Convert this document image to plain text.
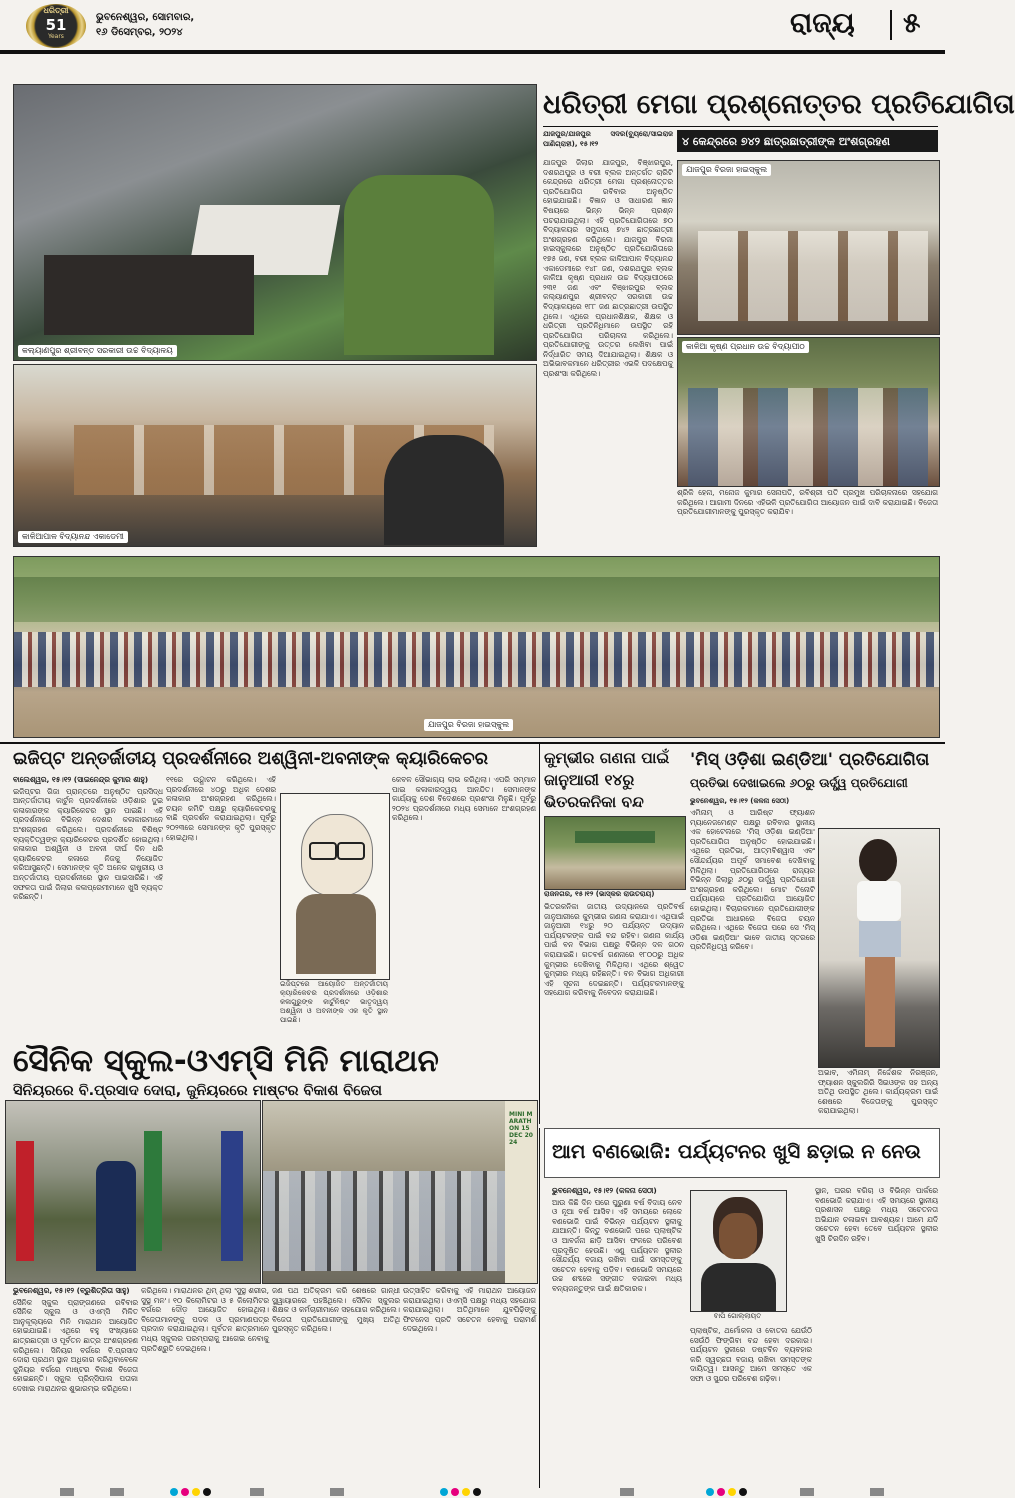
ଧରିତ୍ରୀ
51
Years
ଭୁବନେଶ୍ୱର, ସୋମବାର,
୧୬ ଡିସେମ୍ବର, ୨୦୨୪	ରାଜ୍ୟ ୫
କଲ୍ୟାଣପୁର ଶ୍ରୀବନ୍ତ ସରକାରୀ ଉଚ୍ଚ ବିଦ୍ୟାଳୟ
ଧରିତ୍ରୀ ମେଗା ପ୍ରଶ୍ନୋତ୍ତର ପ୍ରତିଯୋଗିତା
ଯାଜପୁର/ଯାଜପୁର ସଦର(ବ୍ୟୁରୋ/ସାଇରାଜ ପାଣିଗ୍ରାହୀ), ୧୫।୧୨	୪ କେନ୍ଦ୍ରରେ ୭୪୨ ଛାତ୍ରଛାତ୍ରୀଙ୍କ ଅଂଶଗ୍ରହଣ
ଯାଜପୁର ଜିଲାର ଯାଜପୁର, ବିଞ୍ଝାରପୁର, ଦଶରଥପୁର ଓ ବରୀ ବ୍ଲକ ଅନ୍ତର୍ଗତ ଚାରିଟି କେନ୍ଦ୍ରରେ ଧରିତ୍ରୀ ମେଗା ପ୍ରଶ୍ନୋତ୍ତର ପ୍ରତିଯୋଗିତା ରବିବାର ଅନୁଷ୍ଠିତ ହୋଇଯାଇଛି। ବିଜ୍ଞାନ ଓ ସାଧାରଣ ଜ୍ଞାନ ବିଷୟରେ ଭିନ୍ନ ଭିନ୍ନ ପ୍ରଶ୍ନ ପଚରାଯାଇଥିଲା। ଏହି ପ୍ରତିଯୋଗିତାରେ ୭୦ ବିଦ୍ୟାଳୟର ସମୁଦାୟ ୭୪୨ ଛାତ୍ରଛାତ୍ରୀ ଅଂଶଗ୍ରହଣ କରିଥିଲେ। ଯାଜପୁର ବିରଜା ହାଇସ୍କୁଲରେ ଅନୁଷ୍ଠିତ ପ୍ରତିଯୋଗିତାରେ ୧୭୫ ଜଣ, ବରୀ ବ୍ଲକ କାଳିଆପାଳ ବିଦ୍ୟାନନ୍ଦ ଏକାଡେମୀରେ ୧୪୮ ଜଣ, ଦଶରଥପୁର ବ୍ଲକ କାଳିଆ କୃଷ୍ଣ ପ୍ରଧାନ ଉଚ୍ଚ ବିଦ୍ୟାପୀଠରେ ୨୩୧ ଜଣ ଏବଂ ବିଞ୍ଝାରପୁର ବ୍ଲକ କଲ୍ୟାଣପୁର ଶ୍ରୀବନ୍ତ ସରକାରୀ ଉଚ୍ଚ ବିଦ୍ୟାଳୟରେ ୧୮୮ ଜଣ ଛାତ୍ରଛାତ୍ରୀ ଉପସ୍ଥିତ ଥିଲେ। ଏଥିରେ ପ୍ରଧାନଶିକ୍ଷକ, ଶିକ୍ଷକ ଓ ଧରିତ୍ରୀ ପ୍ରତିନିଧିମାନେ ଉପସ୍ଥିତ ରହି ପ୍ରତିଯୋଗିତା ପରିଚାଳନା କରିଥିଲେ। ପ୍ରତିଯୋଗୀଙ୍କୁ ଉତ୍ତର ଲେଖିବା ପାଇଁ ନିର୍ଦ୍ଧାରିତ ସମୟ ଦିଆଯାଇଥିଲା। ଶିକ୍ଷକ ଓ ଅଭିଭାବକମାନେ ଧରିତ୍ରୀର ଏଭଳି ପଦକ୍ଷେପକୁ ପ୍ରଶଂସା କରିଥିଲେ।
ଯାଜପୁର ବିରଜା ହାଇସ୍କୁଲ
କାଳିଆପାଳ ବିଦ୍ୟାନନ୍ଦ ଏକାଡେମୀ
କାଳିଆ କୃଷ୍ଣ ପ୍ରଧାନ ଉଚ୍ଚ ବିଦ୍ୟାପୀଠ
ଶ୍ରିକି ହେନା, ମନୋଜ କୁମାର ସେନାପତି, ରବିଶ୍ରୀ ପତି ପ୍ରମୁଖ ପରିଚାଳନାରେ ସହଯୋଗ କରିଥିଲେ। ଆଗାମୀ ଦିନରେ ଏହିଭଳି ପ୍ରତିଯୋଗିତା ଆୟୋଜନ ପାଇଁ ଦାବି କରାଯାଇଛି। ବିଜେତା ପ୍ରତିଯୋଗୀମାନଙ୍କୁ ପୁରସ୍କୃତ କରାଯିବ।
ଯାଜପୁର ବିରଜା ହାଇସ୍କୁଲ
ଇଜିପ୍ଟ ଅନ୍ତର୍ଜାତୀୟ ପ୍ରଦର୍ଶନୀରେ ଅଶ୍ୱିନୀ-ଅବନୀଙ୍କ କ୍ୟାରିକେଚର

ବାଲେଶ୍ୱର, ୧୫।୧୨ (ସାଇନେନ୍ଦ୍ର କୁମାର ଶାହୁ)

ଇଜିପ୍ଟର ଗିଜା ପ୍ରାନ୍ତରେ ଅନୁଷ୍ଠିତ ପ୍ରସିଦ୍ଧ ଆନ୍ତର୍ଜାତୀୟ କାର୍ଟୁନ ପ୍ରଦର୍ଶନୀରେ ଓଡ଼ିଶାର ଦୁଇ କଳାକାରଙ୍କ କ୍ୟାରିକେଚର ସ୍ଥାନ ପାଇଛି। ଏହି ପ୍ରଦର୍ଶନୀରେ ବିଭିନ୍ନ ଦେଶର କଳାକାରମାନେ ଅଂଶଗ୍ରହଣ କରିଥିଲେ। ପ୍ରଦର୍ଶନୀରେ ବିଶିଷ୍ଟ ବ୍ୟକ୍ତିତ୍ୱଙ୍କ କ୍ୟାରିକେଚର ପ୍ରଦର୍ଶିତ ହୋଇଥିଲା। କଳାକାର ଅଶ୍ୱିନୀ ଓ ଅବନୀ ଦୀର୍ଘ ଦିନ ଧରି କ୍ୟାରିକେଚର କଳାରେ ନିଜକୁ ନିୟୋଜିତ କରିଆସୁଛନ୍ତି। ସେମାନଙ୍କ କୃତି ଅନେକ ରାଷ୍ଟ୍ରୀୟ ଓ ଅନ୍ତର୍ଜାତୀୟ ପ୍ରଦର୍ଶନୀରେ ସ୍ଥାନ ପାଇସାରିଛି। ଏହି ସଫଳତା ପାଇଁ ଜିଲାର କଳାପ୍ରେମୀମାନେ ଖୁସି ବ୍ୟକ୍ତ କରିଛନ୍ତି।

୧୧ରେ ଉଦ୍ଘାଟନ କରିଥିଲେ। ଏହି ପ୍ରଦର୍ଶନୀରେ ୪୦ରୁ ଅଧିକ ଦେଶର କଳାକାର ଅଂଶଗ୍ରହଣ କରିଥିଲେ। ଚୟନ କମିଟି ପକ୍ଷରୁ କ୍ୟାରିକେଚରକୁ ବାଛି ପ୍ରଦର୍ଶନ କରାଯାଇଥିଲା। ପୂର୍ବରୁ ୨୦୨୩ରେ ସେମାନଙ୍କ କୃତି ପୁରସ୍କୃତ ହୋଇଥିଲା।
ଇଜିପ୍ଟରେ ଆୟୋଜିତ ଅନ୍ତର୍ଜାତୀୟ କ୍ୟାରିକେଚର ପ୍ରଦର୍ଶନୀରେ ଓଡ଼ିଶାର କଳାଗୁରୁଙ୍କ କାର୍ଟୁନିଷ୍ଟ ଭାତୃଦ୍ୱୟ ଅଶ୍ୱିନୀ ଓ ଅବନୀଙ୍କ ଏକ କୃତି ସ୍ଥାନ ପାଇଛି।
କେବଳ ସୌଭାଗ୍ୟ ଲାଭ କରିଥିଲା। ଏପରି ସମ୍ମାନ ପାଇ କଳାକାରଦ୍ୱୟ ଆନନ୍ଦିତ। ସେମାନଙ୍କ କାର୍ଯ୍ୟକୁ ଦେଶ ବିଦେଶରେ ପ୍ରଶଂସା ମିଳୁଛି। ପୂର୍ବରୁ ୨୦୨୪ ପ୍ରଦର୍ଶନୀରେ ମଧ୍ୟ ସେମାନେ ଅଂଶଗ୍ରହଣ କରିଥିଲେ।
କୁମ୍ଭୀର ଗଣନା ପାଇଁ
ଜାନୁଆରୀ ୧୪ରୁ
ଭିତରକନିକା ବନ୍ଦ
ରାଜନଗର, ୧୫।୧୨ (ଭାସ୍କର ରାଉତରାୟ)
ଭିତରକନିକା ଜାତୀୟ ଉଦ୍ୟାନରେ ପ୍ରତିବର୍ଷ ଜାନୁଆରୀରେ କୁମ୍ଭୀର ଗଣନା କରାଯାଏ। ଏଥିପାଇଁ ଜାନୁଆରୀ ୧୪ରୁ ୨୦ ପର୍ଯ୍ୟନ୍ତ ଉଦ୍ୟାନ ପର୍ଯ୍ୟଟକଙ୍କ ପାଇଁ ବନ୍ଦ ରହିବ। ଗଣନା କାର୍ଯ୍ୟ ପାଇଁ ବନ ବିଭାଗ ପକ୍ଷରୁ ବିଭିନ୍ନ ଦଳ ଗଠନ କରାଯାଇଛି। ଗତବର୍ଷ ଗଣନାରେ ୧୮୦୦ରୁ ଅଧିକ କୁମ୍ଭୀର ଦେଖିବାକୁ ମିଳିଥିଲା। ଏଥିରେ ଶ୍ୱେତ କୁମ୍ଭୀର ମଧ୍ୟ ରହିଛନ୍ତି। ବନ ବିଭାଗ ଅଧିକାରୀ ଏହି ସୂଚନା ଦେଇଛନ୍ତି। ପର୍ଯ୍ୟଟକମାନଙ୍କୁ ସହଯୋଗ କରିବାକୁ ନିବେଦନ କରାଯାଇଛି।
'ମିସ୍ ଓଡ଼ିଶା ଇଣ୍ଡିଆ' ପ୍ରତିଯୋଗିତା
ପ୍ରତିଭା ଦେଖାଇଲେ ୬୦ରୁ ଊର୍ଦ୍ଧ୍ୱ ପ୍ରତିଯୋଗୀ
ଭୁବନେଶ୍ୱର, ୧୫।୧୨ (କଳନା ସେଠୀ)
ଏମିନାମ୍ ଓ ଆରିଷ୍ଟ ଫ୍ୟାଶନ ମ୍ୟାନେଜମେଣ୍ଟ ପକ୍ଷରୁ ରବିବାର ସ୍ଥାନୀୟ ଏକ ହୋଟେଲରେ 'ମିସ୍ ଓଡ଼ିଶା ଇଣ୍ଡିଆ' ପ୍ରତିଯୋଗିତା ଅନୁଷ୍ଠିତ ହୋଇଯାଇଛି। ଏଥିରେ ପ୍ରତିଭା, ଆତ୍ମବିଶ୍ୱାସ ଏବଂ ସୌନ୍ଦର୍ଯ୍ୟର ଅପୂର୍ବ ସମାବେଶ ଦେଖିବାକୁ ମିଳିଥିଲା। ପ୍ରତିଯୋଗିତାରେ ରାଜ୍ୟର ବିଭିନ୍ନ ଜିଲାରୁ ୬୦ରୁ ଊର୍ଦ୍ଧ୍ୱ ପ୍ରତିଯୋଗୀ ଅଂଶଗ୍ରହଣ କରିଥିଲେ। ମୋଟ ତିନୋଟି ପର୍ଯ୍ୟାୟରେ ପ୍ରତିଯୋଗିତା ଆୟୋଜିତ ହୋଇଥିଲା। ବିଚାରକମାନେ ପ୍ରତିଯୋଗୀଙ୍କ ପ୍ରତିଭା ଆଧାରରେ ବିଜେତା ଚୟନ କରିଥିଲେ। ଏଥିରେ ବିଜେତା ପରେ ସେ 'ମିସ୍ ଓଡ଼ିଶା ଇଣ୍ଡିଆ' ଭାବେ ଜାତୀୟ ସ୍ତରରେ ପ୍ରତିନିଧିତ୍ୱ କରିବେ।
ଅଭାବ, ଏମିନାମ୍ ନିର୍ଦ୍ଦେଶକ ନିରଞ୍ଜନ, ଫ୍ୟାଶନ ସ୍କୁଲଗିରି ସିଇଓଙ୍କ ସହ ଅନ୍ୟ ଅତିଥି ଉପସ୍ଥିତ ଥିଲେ। କାର୍ଯ୍ୟକ୍ରମ ପାଇଁ ଶେଷରେ ବିଜେତାଙ୍କୁ ପୁରସ୍କୃତ କରାଯାଇଥିଲା।
ସୈନିକ ସ୍କୁଲ-ଓଏମ୍‌ସି ମିନି ମାରାଥନ
ସିନିୟରରେ ବି.ପ୍ରସାଦ ଦୋରା, ଜୁନିୟରରେ ମାଷ୍ଟର ବିକାଶ ବିଜେତା
MINI MARATHON 15 DEC 2024

ଭୁବନେଶ୍ୱର, ୧୫।୧୨ (ବ୍ରୁଶିତ୍ରିତା ସାହୁ)

ସୈନିକ ସ୍କୁଲ ପ୍ରାଙ୍ଗଣରେ ରବିବାର ସୈନିକ ସ୍କୁଲ ଓ ଓଏମ୍‌ସି ମିଳିତ ଆନୁକୂଲ୍ୟରେ ମିନି ମାରାଥନ ଆୟୋଜିତ ହୋଇଯାଇଛି। ଏଥିରେ ବହୁ ସଂଖ୍ୟାରେ ଛାତ୍ରଛାତ୍ରୀ ଓ ପୂର୍ବତନ ଛାତ୍ର ଅଂଶଗ୍ରହଣ କରିଥିଲେ। ସିନିୟର ବର୍ଗରେ ବି.ପ୍ରସାଦ ଦୋରା ପ୍ରଥମ ସ୍ଥାନ ଅଧିକାର କରିଥିବାବେଳେ ଜୁନିୟର ବର୍ଗରେ ମାଷ୍ଟର ବିକାଶ ବିଜେତା ହୋଇଛନ୍ତି। ସ୍କୁଲ ପ୍ରିନ୍ସିପାଲ ପତାକା ଦେଖାଇ ମାରାଥନର ଶୁଭାରମ୍ଭ କରିଥିଲେ।

କରିଥିଲେ। ମାରାଥନର ଥିମ୍ ଥିଲା 'ସୁସ୍ଥ ଶରୀର, ସୁସ୍ଥ ମନ'। ୧୦ କିଲୋମିଟର ଓ ୫ କିଲୋମିଟର ବର୍ଗରେ ଦୌଡ଼ ଆୟୋଜିତ ହୋଇଥିଲା। ବିଜେତାମାନଙ୍କୁ ପଦକ ଓ ପ୍ରମାଣପତ୍ର ପ୍ରଦାନ କରାଯାଇଥିଲା। ପୂର୍ବତନ ଛାତ୍ରମାନେ ମଧ୍ୟ ସ୍କୁଲର ପରମ୍ପରାକୁ ଆଗେଇ ନେବାକୁ ପ୍ରତିଶ୍ରୁତି ଦେଇଥିଲେ।
ଜଣ ପଥ ଅତିକ୍ରମ କରି ଶେଷରେ ଗାନ୍ଧୀ ସ୍କ୍ୱାୟାରରେ ପହଞ୍ଚିଥିଲେ। ସୈନିକ ସ୍କୁଲର ଶିକ୍ଷକ ଓ କର୍ମଚାରୀମାନେ ସହଯୋଗ କରିଥିଲେ। ବିଜେତା ପ୍ରତିଯୋଗୀଙ୍କୁ ମୁଖ୍ୟ ଅତିଥି ପୁରସ୍କୃତ କରିଥିଲେ।
ଉତ୍ସାହିତ କରିବାକୁ ଏହି ମାରାଥନ ଆୟୋଜନ କରାଯାଇଥିଲା। ଓଏମ୍‌ସି ପକ୍ଷରୁ ମଧ୍ୟ ସହଯୋଗ କରାଯାଇଥିଲା। ଅତିଥିମାନେ ଯୁବପିଢ଼ିଙ୍କୁ ଫିଟନେସ ପ୍ରତି ସଚେତନ ହେବାକୁ ପରାମର୍ଶ ଦେଇଥିଲେ।
ଆମ ବଣଭୋଜି: ପର୍ଯ୍ୟଟନର ଖୁସି ଛଡ଼ାଇ ନ ନେଉ

ଭୁବନେଶ୍ୱର, ୧୫।୧୨ (କଳନା ସେଠୀ)

ଆଉ କିଛି ଦିନ ପରେ ପୁରୁଣା ବର୍ଷ ବିଦାୟ ନେବ ଓ ନୂଆ ବର୍ଷ ଆସିବ। ଏହି ସମୟରେ ଲୋକେ ବଣଭୋଜି ପାଇଁ ବିଭିନ୍ନ ପର୍ଯ୍ୟଟନ ସ୍ଥଳୀକୁ ଯାଆନ୍ତି। କିନ୍ତୁ ବଣଭୋଜି ପରେ ପ୍ଲାଷ୍ଟିକ ଓ ଆବର୍ଜନା ଛାଡ଼ି ଆସିବା ଫଳରେ ପରିବେଶ ପ୍ରଦୂଷିତ ହେଉଛି। ଏଣୁ ପର୍ଯ୍ୟଟନ ସ୍ଥଳୀର ସୌନ୍ଦର୍ଯ୍ୟ ବଜାୟ ରଖିବା ପାଇଁ ସମସ୍ତଙ୍କୁ ସଚେତନ ହେବାକୁ ପଡ଼ିବ। ବଣଭୋଜି ସମୟରେ ଉଚ୍ଚ ଶବ୍ଦରେ ସଙ୍ଗୀତ ବଜାଇବା ମଧ୍ୟ ବନ୍ୟଜନ୍ତୁଙ୍କ ପାଇଁ କ୍ଷତିକାରକ।

ବାପି ଗୋଲ୍ଲାୟତ
ପ୍ଲାଷ୍ଟିକ, ଥର୍ମୋକଲ ଓ ବୋତଲ ଯେଉଁଠି ସେଉଁଠି ଫିଙ୍ଗିବା ବନ୍ଦ ହେବା ଦରକାର। ପର୍ଯ୍ୟଟନ ସ୍ଥଳୀରେ ଡଷ୍ଟବିନ ବ୍ୟବହାର କରି ସ୍ୱଚ୍ଛତା ବଜାୟ ରଖିବା ସମସ୍ତଙ୍କ ଦାୟିତ୍ୱ। ଆସନ୍ତୁ ଆମେ ସମସ୍ତେ ଏକ ସଫା ଓ ସୁନ୍ଦର ପରିବେଶ ଗଢ଼ିବା।
ସ୍ଥାନ, ଘରର ବଗିଚା ଓ ବିଭିନ୍ନ ପାର୍କରେ ବଣଭୋଜି କରାଯାଏ। ଏହି ସମୟରେ ସ୍ଥାନୀୟ ପ୍ରଶାସନ ପକ୍ଷରୁ ମଧ୍ୟ ସଚେତନତା ଅଭିଯାନ ଚଳାଇବା ଆବଶ୍ୟକ। ଆମେ ଯଦି ସଚେତନ ହେବା ତେବେ ପର୍ଯ୍ୟଟନ ସ୍ଥଳୀର ଖୁସି ଚିରଦିନ ରହିବ।
